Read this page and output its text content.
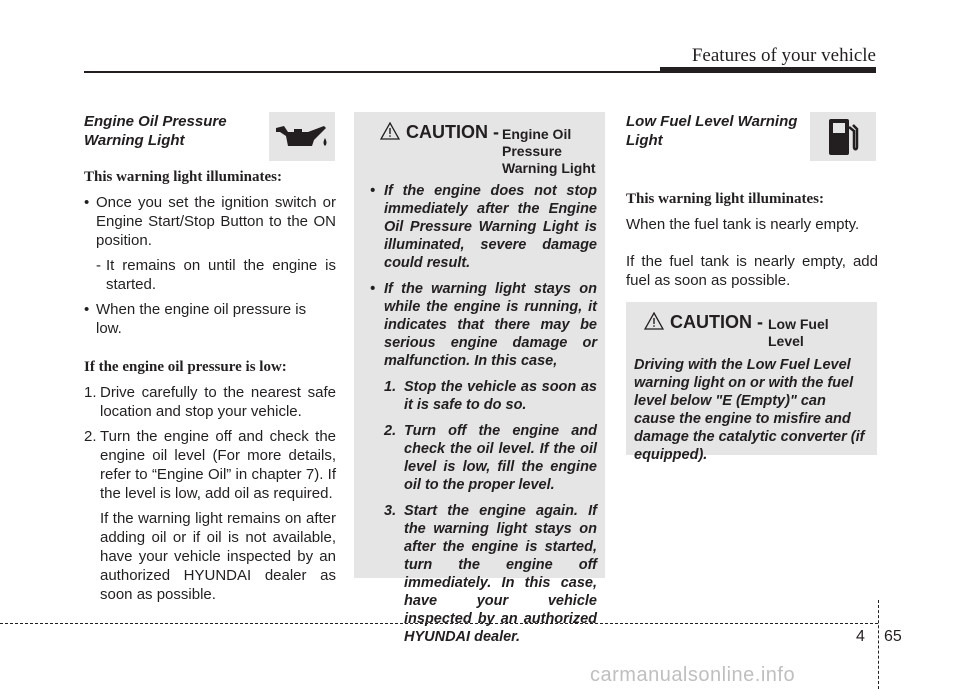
Features of your vehicle
Engine Oil Pressure Warning Light

This warning light illuminates:

• Once you set the ignition switch or Engine Start/Stop Button to the ON position.
- It remains on until the engine is started.
• When the engine oil pressure is low.

If the engine oil pressure is low:

1. Drive carefully to the nearest safe location and stop your vehicle.
2. Turn the engine off and check the engine oil level (For more details, refer to “Engine Oil” in chapter 7). If the level is low, add oil as required.

If the warning light remains on after adding oil or if oil is not available, have your vehicle inspected by an authorized HYUNDAI dealer as soon as possible.

CAUTION - Engine Oil Pressure Warning Light
• If the engine does not stop immediately after the Engine Oil Pressure Warning Light is illuminated, severe damage could result.
• If the warning light stays on while the engine is running, it indicates that there may be serious engine damage or malfunction. In this case,
1. Stop the vehicle as soon as it is safe to do so.
2. Turn off the engine and check the oil level. If the oil level is low, fill the engine oil to the proper level.
3. Start the engine again. If the warning light stays on after the engine is started, turn the engine off immediately. In this case, have your vehicle inspected by an authorized HYUNDAI dealer.
Low Fuel Level Warning Light

This warning light illuminates:

When the fuel tank is nearly empty.

If the fuel tank is nearly empty, add fuel as soon as possible.

CAUTION - Low Fuel Level

Driving with the Low Fuel Level warning light on or with the fuel level below "E (Empty)" can cause the engine to misfire and damage the catalytic converter (if equipped).

4 65
carmanualsonline.info
